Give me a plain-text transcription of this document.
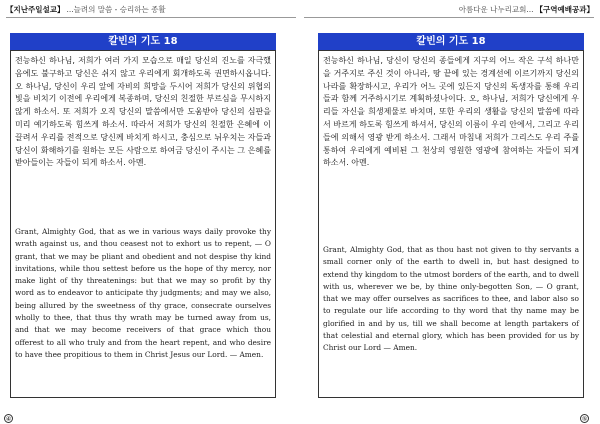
【지난주일설교】 ...늘려의 말씀 - 승리하는 종활
칼빈의 기도 18
전능하신 하나님, 저희가 여러 가지 모습으로 매일 당신의 진노를 자극했음에도 불구하고 당신은 쉬지 않고 우리에게 회개하도록 권면하시옵니다. 오 하나님, 당신이 우리 앞에 자비의 희망을 두시어 저희가 당신의 위협의 빛을 비치기 이전에 우리에게 복종하며, 당신의 친절한 부르심을 무시하지 않게 하소서. 또 저희가 오직 당신의 말씀에서만 도움받아 당신의 심판을 미리 예기하도록 힘쓰게 하소서. 따라서 저희가 당신의 친절한 은혜에 이끌려서 우리를 전적으로 당신께 바치게 하시고, 충심으로 뉘우치는 자들과 당신이 화해하기를 원하는 모든 사람으로 하여금 당신이 주시는 그 은혜를 받아들이는 자들이 되게 하소서. 아멘.
Grant, Almighty God, that as we in various ways daily provoke thy wrath against us, and thou ceasest not to exhort us to repent, — O grant, that we may be pliant and obedient and not despise thy kind invitations, while thou settest before us the hope of thy mercy, nor make light of thy threatenings: but that we may so profit by thy word as to endeavor to anticipate thy judgments; and may we also, being allured by the sweetness of thy grace, consecrate ourselves wholly to thee, that thus thy wrath may be turned away from us, and that we may become receivers of that grace which thou offerest to all who truly and from the heart repent, and who desire to have thee propitious to them in Christ Jesus our Lord. — Amen.
④
아름다운 나누리교회... 【구역예배공과】
칼빈의 기도 18
전능하신 하나님, 당신이 당신의 종들에게 지구의 어느 작은 구석 하나만을 거주지로 주신 것이 아니라, 땅 끝에 있는 경계선에 이르기까지 당신의 나라를 확장하시고, 우리가 어느 곳에 있든지 당신의 독생자를 통해 우리들과 함께 거주하시기로 계획하셨나이다. 오, 하나님, 저희가 당신에게 우리들 자신을 희생제물로 바치며, 또한 우리의 생활을 당신의 말씀에 따라서 바르게 하도록 힘쓰게 하셔서, 당신의 이름이 우리 안에서, 그리고 우리들에 의해서 영광 받게 하소서. 그래서 마침내 저희가 그리스도 우리 주를 통하여 우리에게 예비된 그 천상의 영원한 영광에 참여하는 자들이 되게 하소서. 아멘.
Grant, Almighty God, that as thou hast not given to thy servants a small corner only of the earth to dwell in, but hast designed to extend thy kingdom to the utmost borders of the earth, and to dwell with us, wherever we be, by thine only-begotten Son, — O grant, that we may offer ourselves as sacrifices to thee, and labor also so to regulate our life according to thy word that thy name may be glorified in and by us, till we shall become at length partakers of that celestial and eternal glory, which has been provided for us by Christ our Lord — Amen.
⑤
